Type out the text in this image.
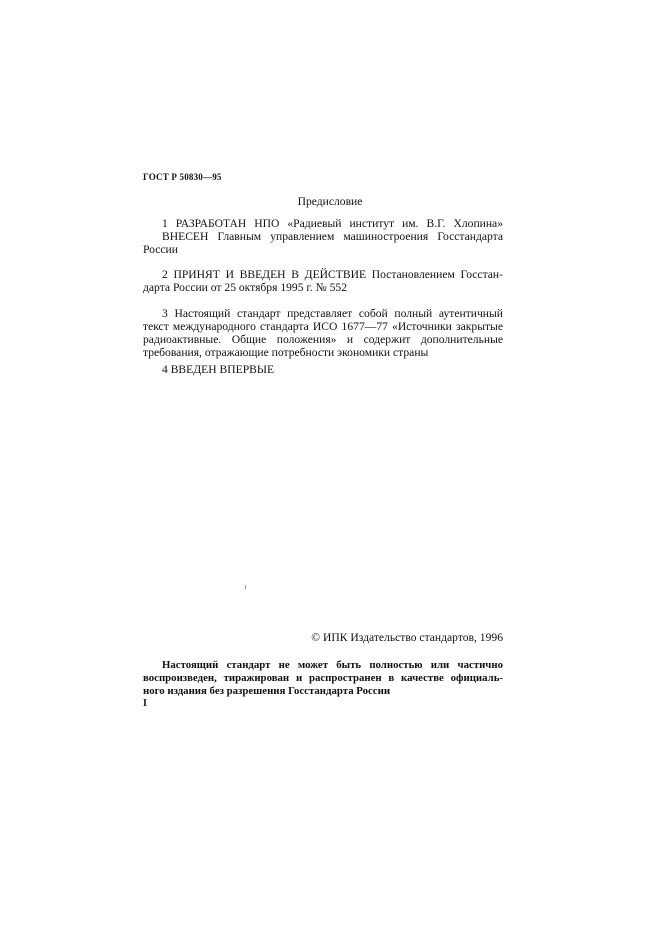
ГОСТ Р 50830—95
Предисловие
1 РАЗРАБОТАН НПО «Радиевый институт им. В.Г. Хлопина»
ВНЕСЕН Главным управлением машиностроения Госстандарта
России
2 ПРИНЯТ И ВВЕДЕН В ДЕЙСТВИЕ Постановлением Госстан-
дарта России от 25 октября 1995 г. № 552
3 Настоящий стандарт представляет собой полный аутентичный
текст международного стандарта ИСО 1677—77 «Источники закрытые
радиоактивные. Общие положения» и содержит дополнительные
требования, отражающие потребности экономики страны
4 ВВЕДЕН ВПЕРВЫЕ
© ИПК Издательство стандартов, 1996
Настоящий стандарт не может быть полностью или частично
воспроизведен, тиражирован и распространен в качестве официаль-
ного издания без разрешения Госстандарта России
I
